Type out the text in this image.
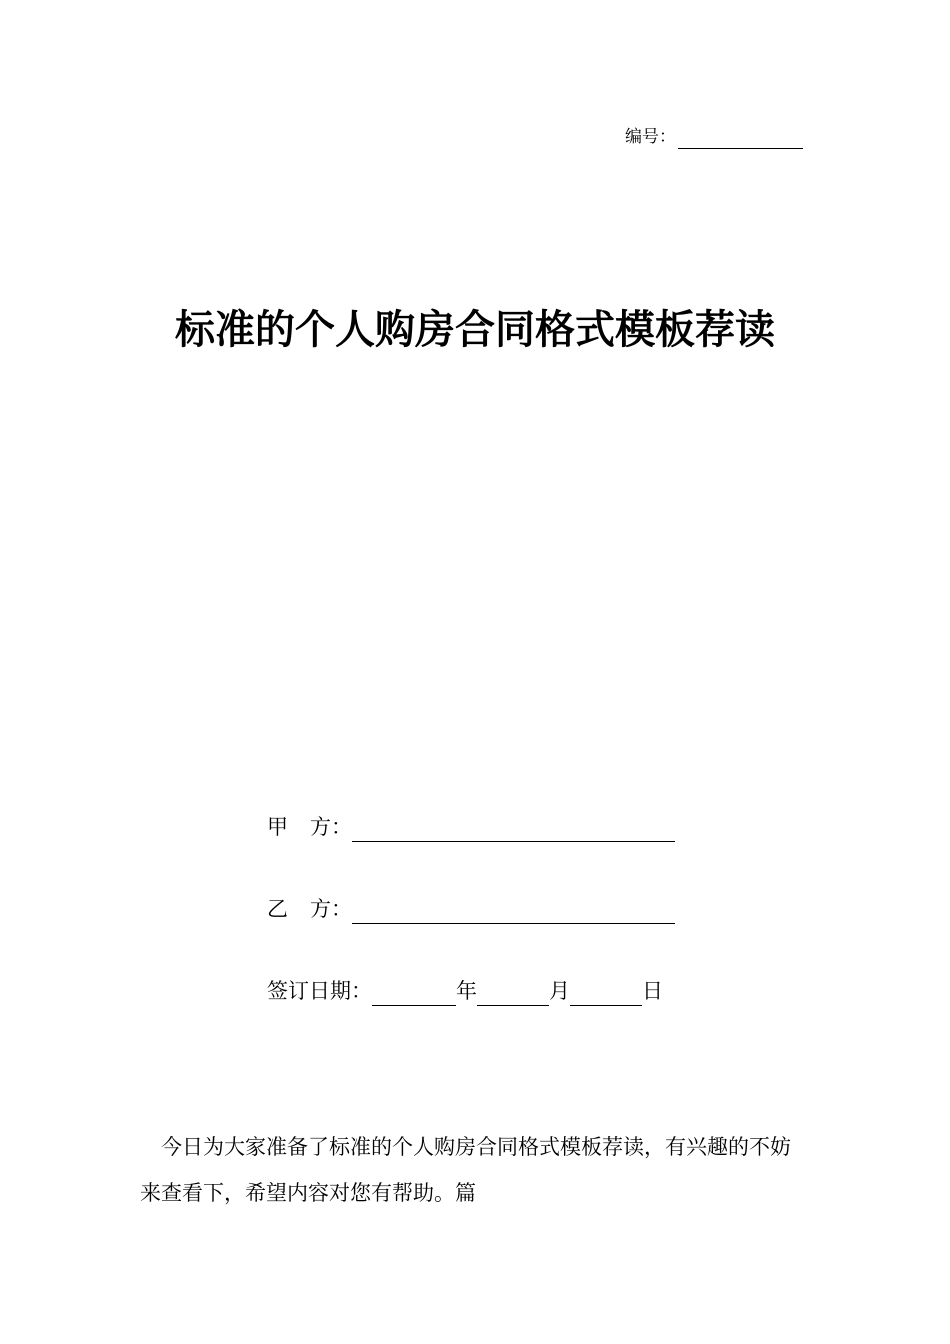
编号：
标准的个人购房合同格式模板荐读
甲 方：
乙 方：
签订日期：	年	月	日

今日为大家准备了标准的个人购房合同格式模板荐读，有兴趣的不妨来查看下，希望内容对您有帮助。篇
